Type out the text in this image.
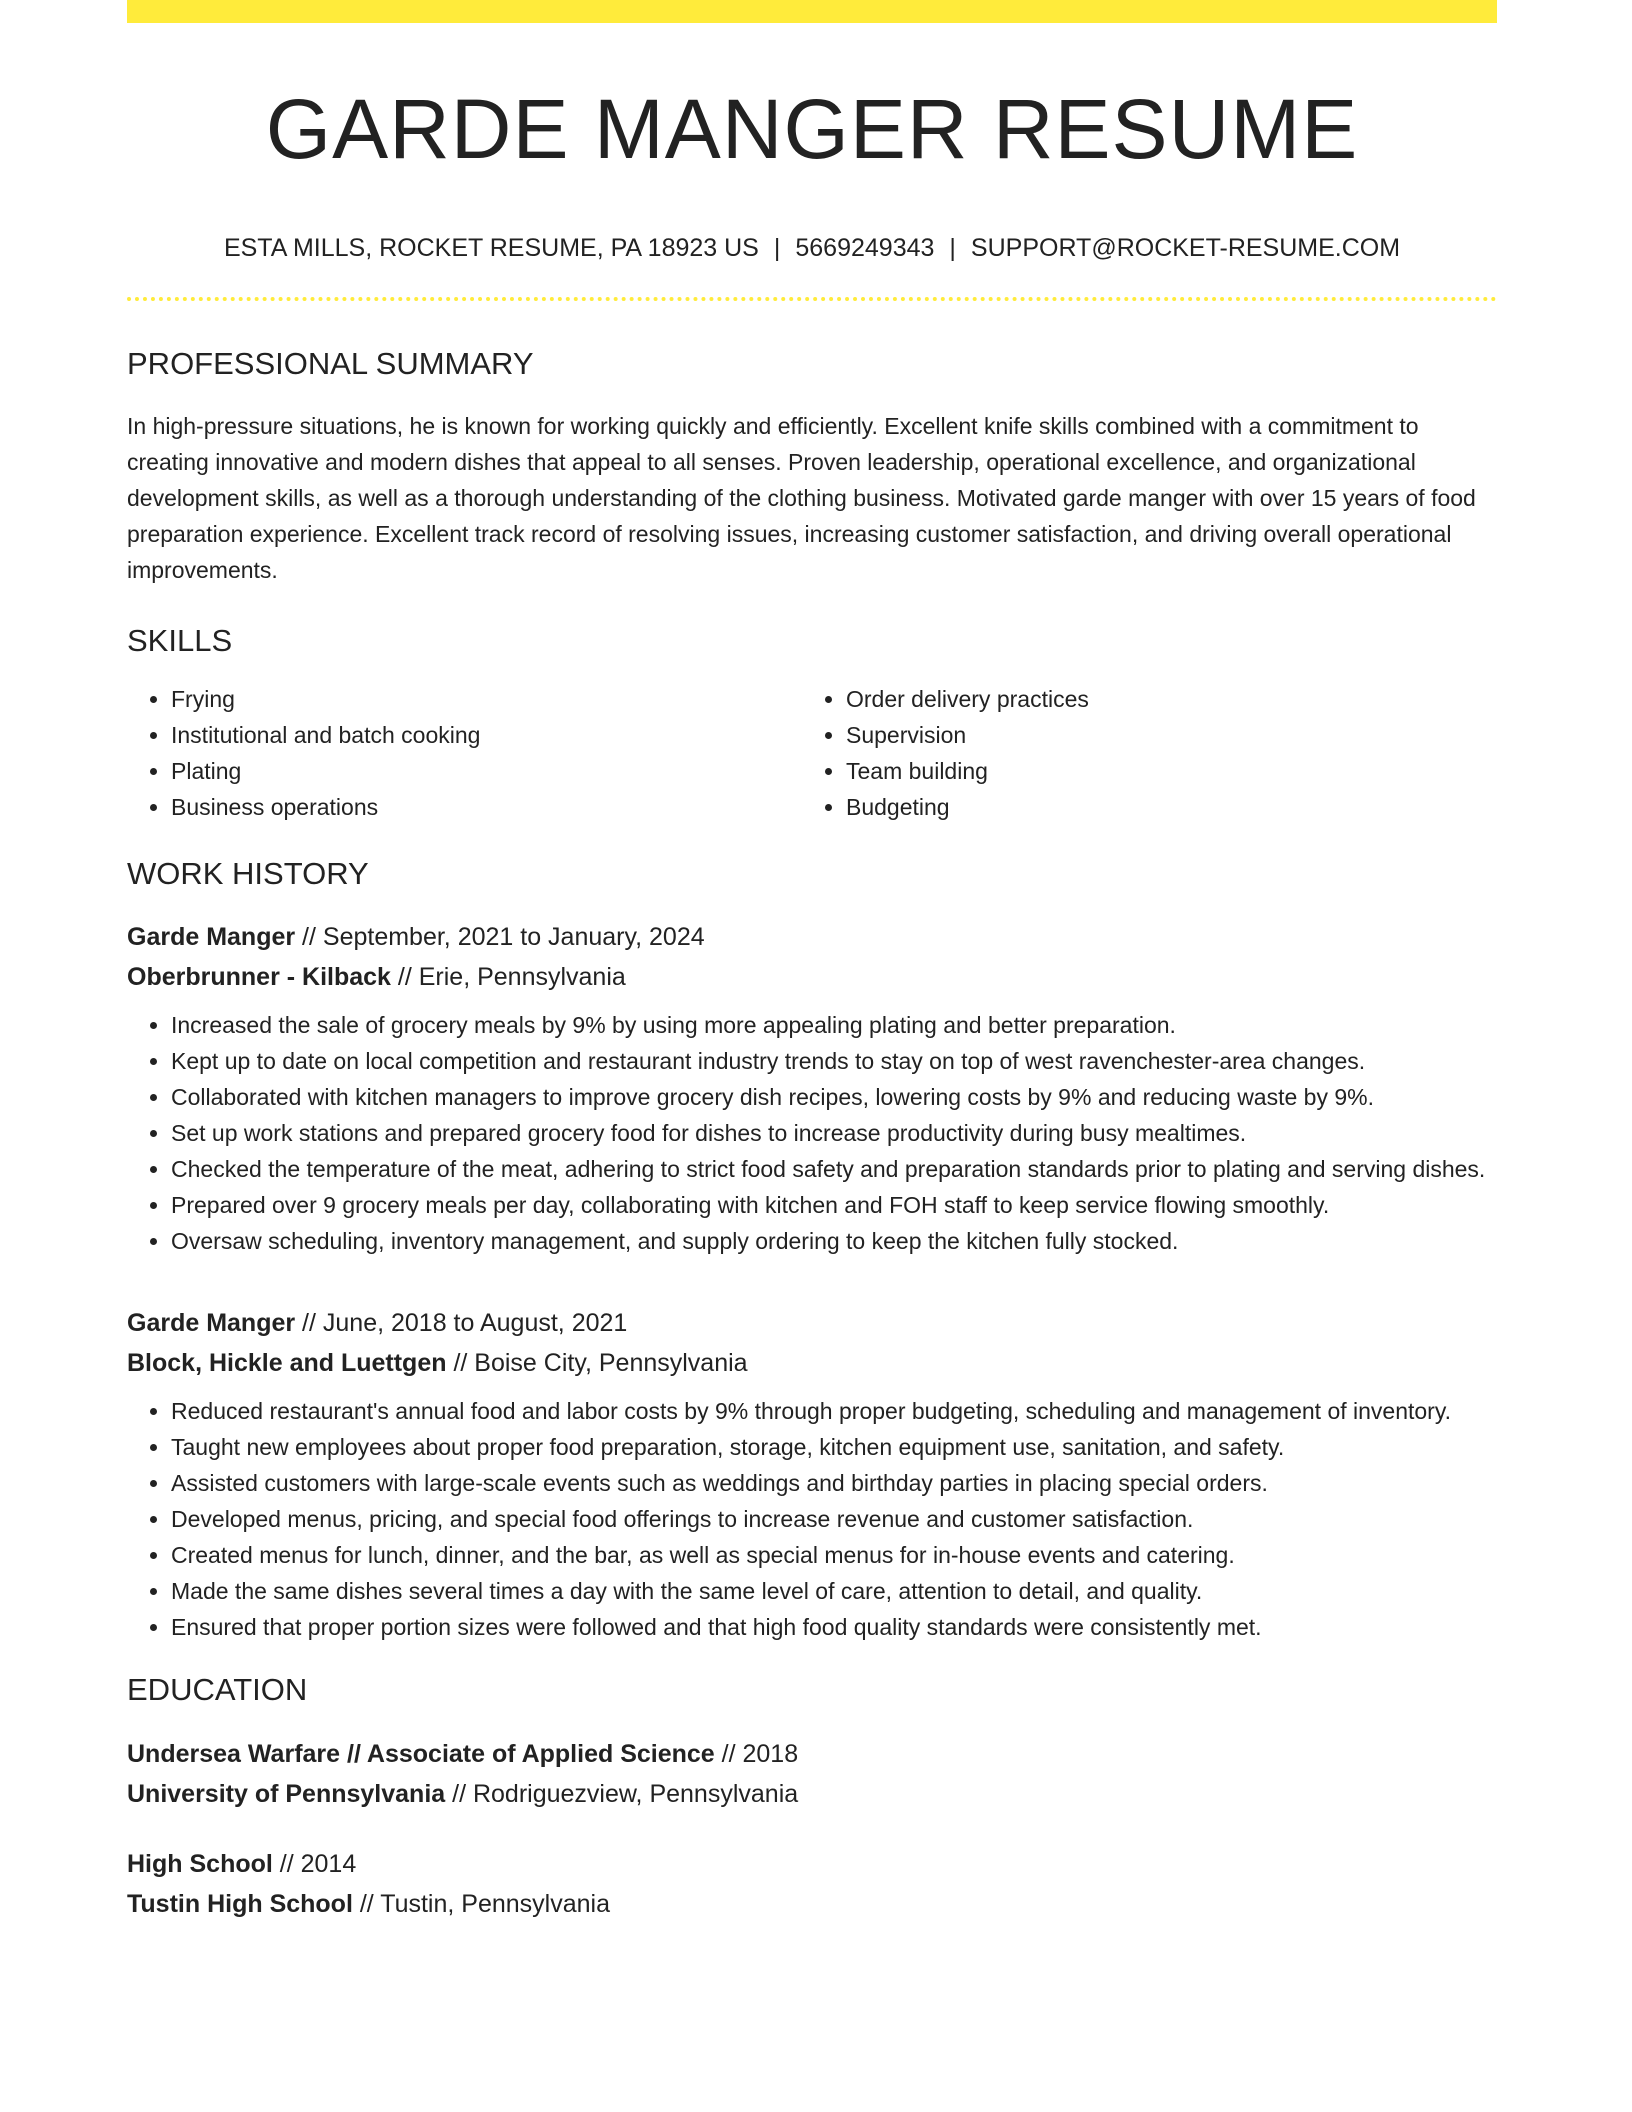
GARDE MANGER RESUME
ESTA MILLS, ROCKET RESUME, PA 18923 US | 5669249343 | SUPPORT@ROCKET-RESUME.COM
PROFESSIONAL SUMMARY
In high-pressure situations, he is known for working quickly and efficiently. Excellent knife skills combined with a commitment to creating innovative and modern dishes that appeal to all senses. Proven leadership, operational excellence, and organizational development skills, as well as a thorough understanding of the clothing business. Motivated garde manger with over 15 years of food preparation experience. Excellent track record of resolving issues, increasing customer satisfaction, and driving overall operational improvements.
SKILLS
• Frying
• Institutional and batch cooking
• Plating
• Business operations
• Order delivery practices
• Supervision
• Team building
• Budgeting
WORK HISTORY
Garde Manger // September, 2021 to January, 2024
Oberbrunner - Kilback // Erie, Pennsylvania
• Increased the sale of grocery meals by 9% by using more appealing plating and better preparation.
• Kept up to date on local competition and restaurant industry trends to stay on top of west ravenchester-area changes.
• Collaborated with kitchen managers to improve grocery dish recipes, lowering costs by 9% and reducing waste by 9%.
• Set up work stations and prepared grocery food for dishes to increase productivity during busy mealtimes.
• Checked the temperature of the meat, adhering to strict food safety and preparation standards prior to plating and serving dishes.
• Prepared over 9 grocery meals per day, collaborating with kitchen and FOH staff to keep service flowing smoothly.
• Oversaw scheduling, inventory management, and supply ordering to keep the kitchen fully stocked.
Garde Manger // June, 2018 to August, 2021
Block, Hickle and Luettgen // Boise City, Pennsylvania
• Reduced restaurant's annual food and labor costs by 9% through proper budgeting, scheduling and management of inventory.
• Taught new employees about proper food preparation, storage, kitchen equipment use, sanitation, and safety.
• Assisted customers with large-scale events such as weddings and birthday parties in placing special orders.
• Developed menus, pricing, and special food offerings to increase revenue and customer satisfaction.
• Created menus for lunch, dinner, and the bar, as well as special menus for in-house events and catering.
• Made the same dishes several times a day with the same level of care, attention to detail, and quality.
• Ensured that proper portion sizes were followed and that high food quality standards were consistently met.
EDUCATION
Undersea Warfare // Associate of Applied Science // 2018
University of Pennsylvania // Rodriguezview, Pennsylvania
High School // 2014
Tustin High School // Tustin, Pennsylvania
